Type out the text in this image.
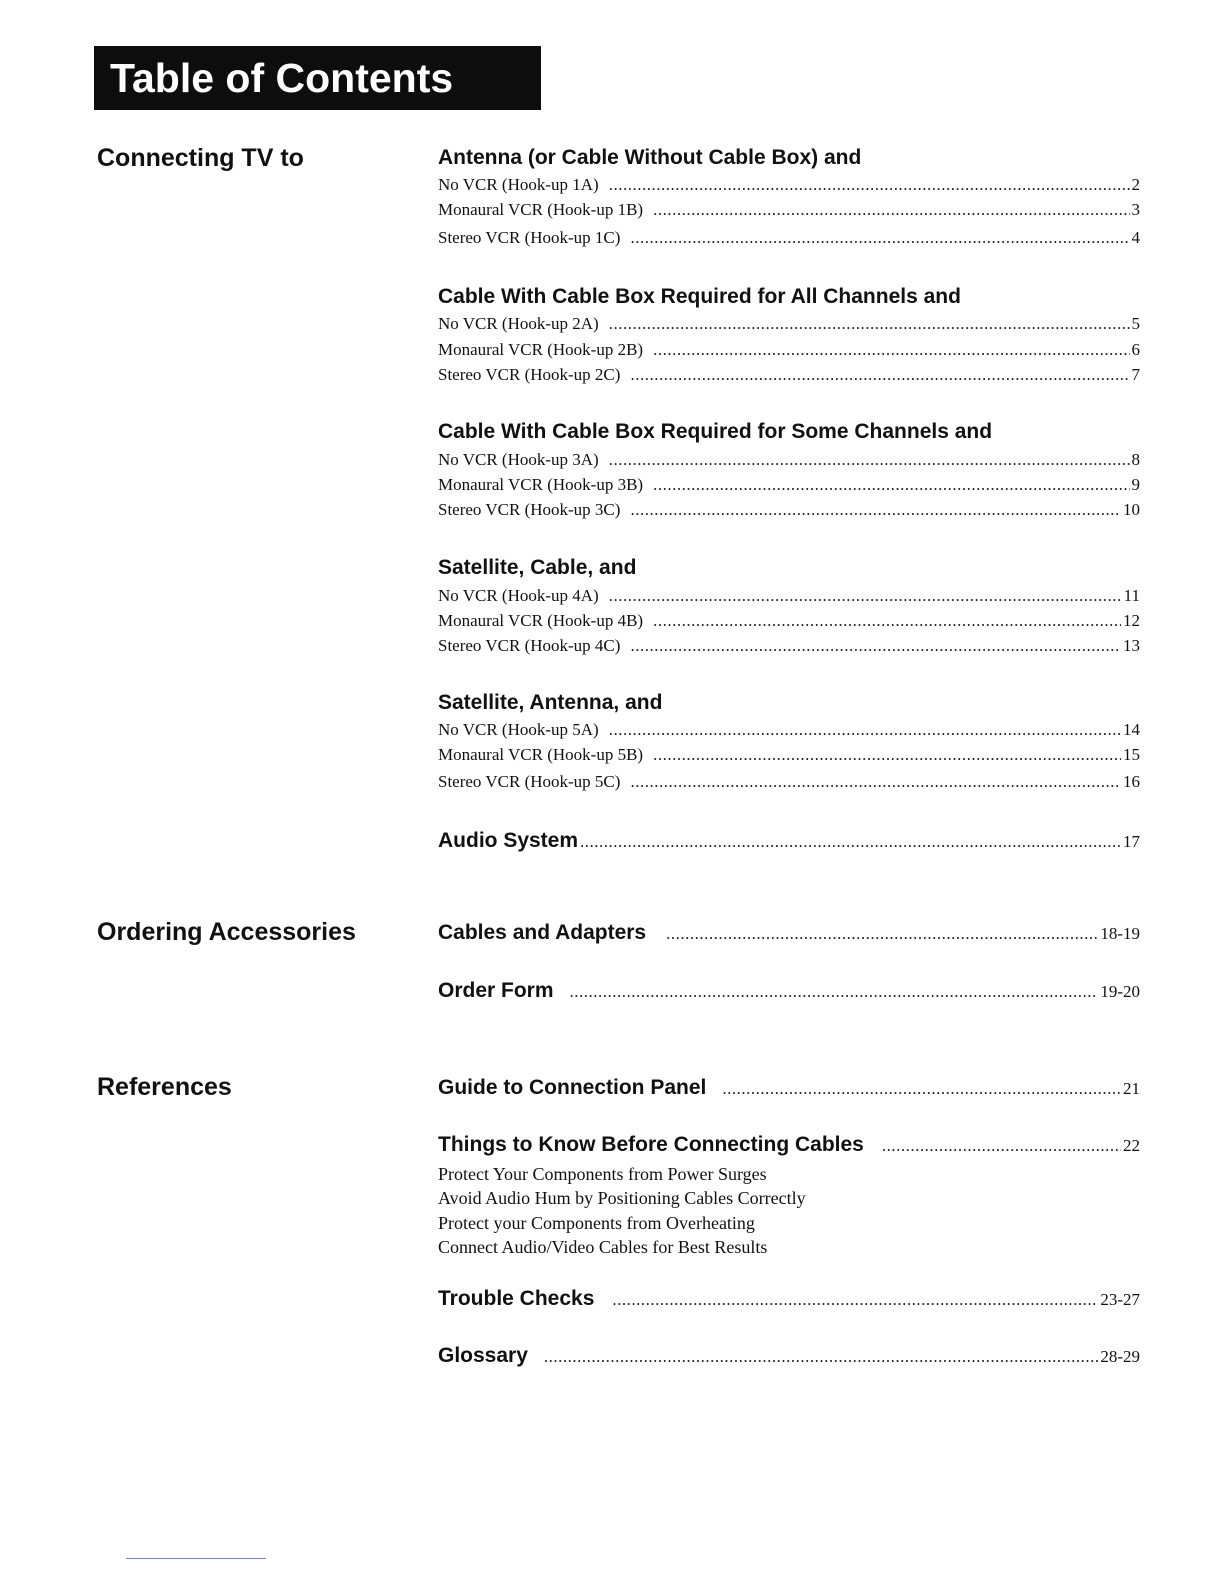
Table of Contents
Connecting TV to
Ordering Accessories
References
Antenna (or Cable Without Cable Box) and
No VCR (Hook-up 1A) .....	2
Monaural VCR (Hook-up 1B) .....	3
Stereo VCR (Hook-up 1C) .....	4
Cable With Cable Box Required for All Channels and
No VCR (Hook-up 2A) .....	5
Monaural VCR (Hook-up 2B) .....	6
Stereo VCR (Hook-up 2C) .....	7
Cable With Cable Box Required for Some Channels and
No VCR (Hook-up 3A) .....	8
Monaural VCR (Hook-up 3B) .....	9
Stereo VCR (Hook-up 3C) .....	10
Satellite, Cable, and
No VCR (Hook-up 4A) .....	11
Monaural VCR (Hook-up 4B) .....	12
Stereo VCR (Hook-up 4C) .....	13
Satellite, Antenna, and
No VCR (Hook-up 5A) .....	14
Monaural VCR (Hook-up 5B) .....	15
Stereo VCR (Hook-up 5C) .....	16
Audio System .....	17
Cables and Adapters .....	18-19
Order Form .....	19-20
Guide to Connection Panel .....	21
Things to Know Before Connecting Cables .....	22
Protect Your Components from Power Surges
Avoid Audio Hum by Positioning Cables Correctly
Protect your Components from Overheating
Connect Audio/Video Cables for Best Results
Trouble Checks .....	23-27
Glossary .....	28-29
